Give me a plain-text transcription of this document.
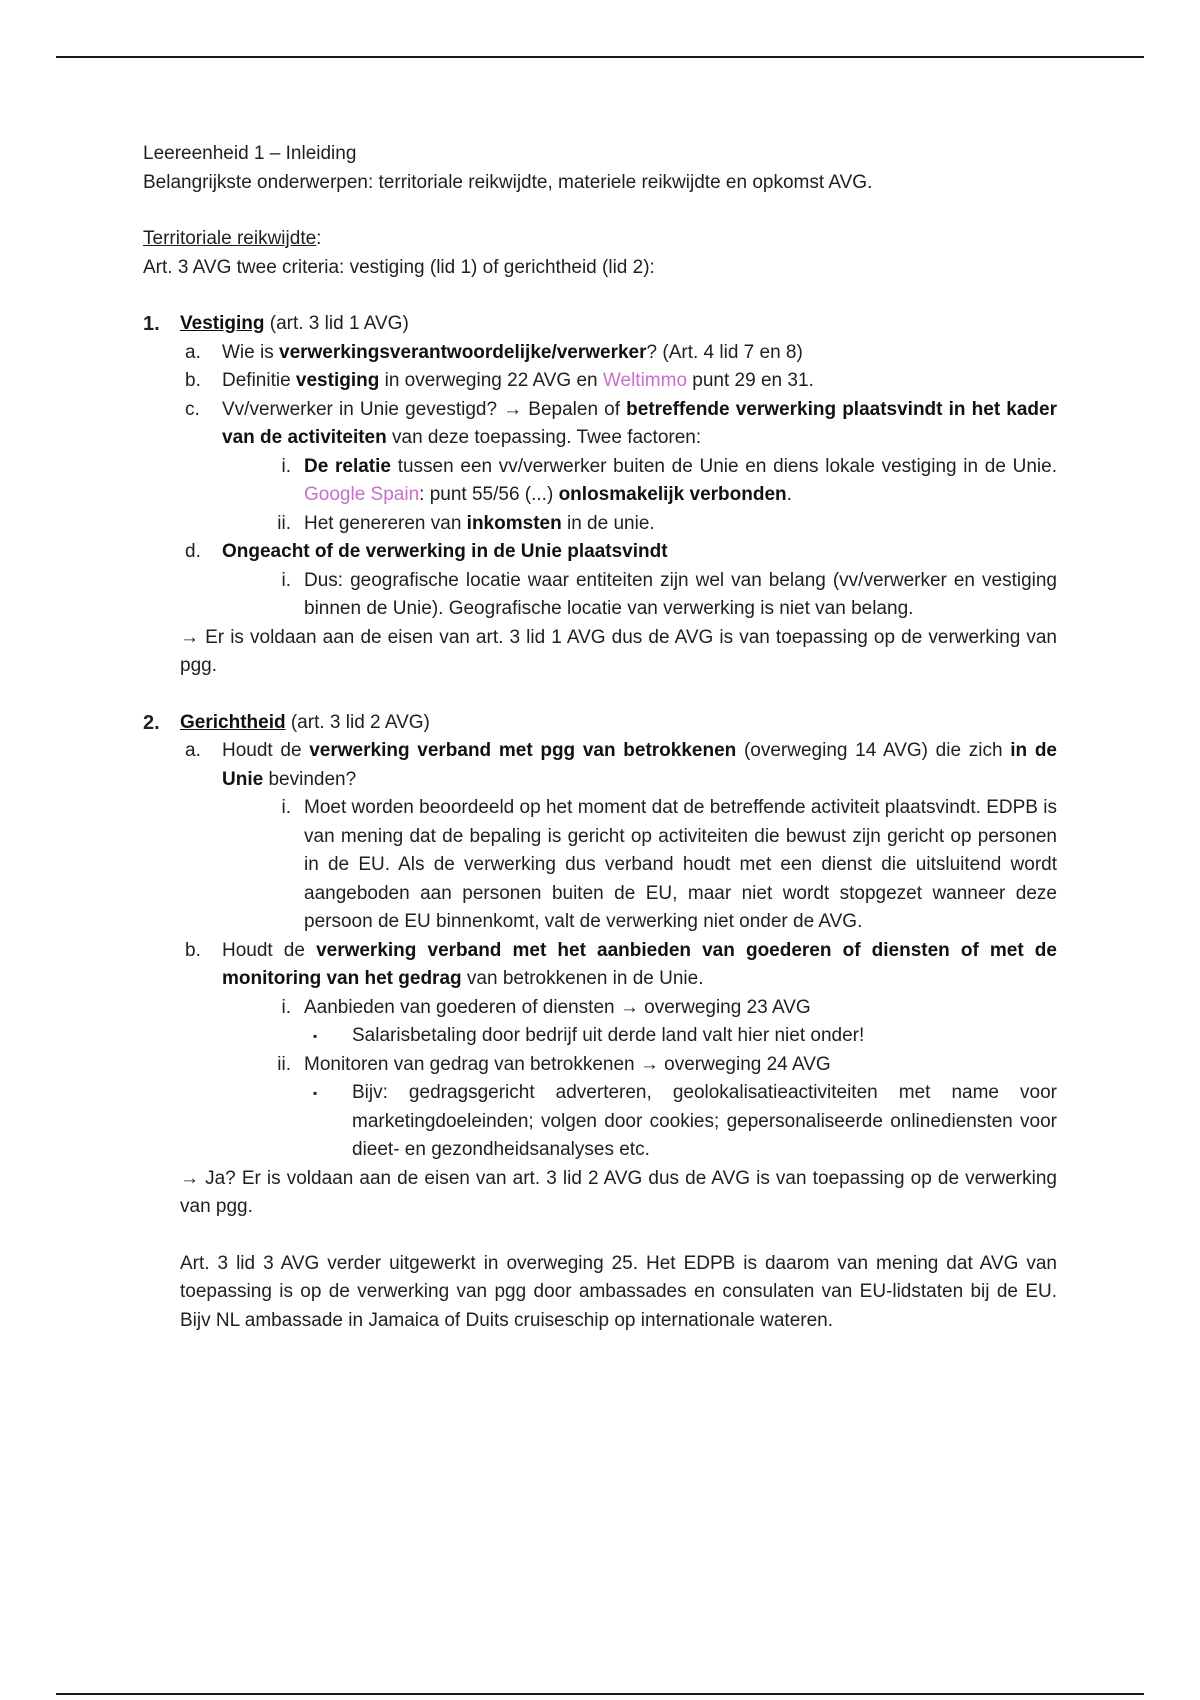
Leereenheid 1 – Inleiding

Belangrijkste onderwerpen: territoriale reikwijdte, materiele reikwijdte en opkomst AVG.

Territoriale reikwijdte:

Art. 3 AVG twee criteria: vestiging (lid 1) of gerichtheid (lid 2):

1. Vestiging (art. 3 lid 1 AVG)

a. Wie is verwerkingsverantwoordelijke/verwerker? (Art. 4 lid 7 en 8)

b. Definitie vestiging in overweging 22 AVG en Weltimmo punt 29 en 31.

c. Vv/verwerker in Unie gevestigd? → Bepalen of betreffende verwerking plaatsvindt in het kader van de activiteiten van deze toepassing. Twee factoren:

i. De relatie tussen een vv/verwerker buiten de Unie en diens lokale vestiging in de Unie. Google Spain: punt 55/56 (...) onlosmakelijk verbonden.

ii. Het genereren van inkomsten in de unie.

d. Ongeacht of de verwerking in de Unie plaatsvindt

i. Dus: geografische locatie waar entiteiten zijn wel van belang (vv/verwerker en vestiging binnen de Unie). Geografische locatie van verwerking is niet van belang.

→ Er is voldaan aan de eisen van art. 3 lid 1 AVG dus de AVG is van toepassing op de verwerking van pgg.

2. Gerichtheid (art. 3 lid 2 AVG)

a. Houdt de verwerking verband met pgg van betrokkenen (overweging 14 AVG) die zich in de Unie bevinden?

i. Moet worden beoordeeld op het moment dat de betreffende activiteit plaatsvindt. EDPB is van mening dat de bepaling is gericht op activiteiten die bewust zijn gericht op personen in de EU. Als de verwerking dus verband houdt met een dienst die uitsluitend wordt aangeboden aan personen buiten de EU, maar niet wordt stopgezet wanneer deze persoon de EU binnenkomt, valt de verwerking niet onder de AVG.

b. Houdt de verwerking verband met het aanbieden van goederen of diensten of met de monitoring van het gedrag van betrokkenen in de Unie.

i. Aanbieden van goederen of diensten → overweging 23 AVG

▪ Salarisbetaling door bedrijf uit derde land valt hier niet onder!

ii. Monitoren van gedrag van betrokkenen → overweging 24 AVG

▪ Bijv: gedragsgericht adverteren, geolokalisatieactiviteiten met name voor marketingdoeleinden; volgen door cookies; gepersonaliseerde onlinediensten voor dieet- en gezondheidsanalyses etc.

→ Ja? Er is voldaan aan de eisen van art. 3 lid 2 AVG dus de AVG is van toepassing op de verwerking van pgg.

Art. 3 lid 3 AVG verder uitgewerkt in overweging 25. Het EDPB is daarom van mening dat AVG van toepassing is op de verwerking van pgg door ambassades en consulaten van EU-lidstaten bij de EU. Bijv NL ambassade in Jamaica of Duits cruiseschip op internationale wateren.
